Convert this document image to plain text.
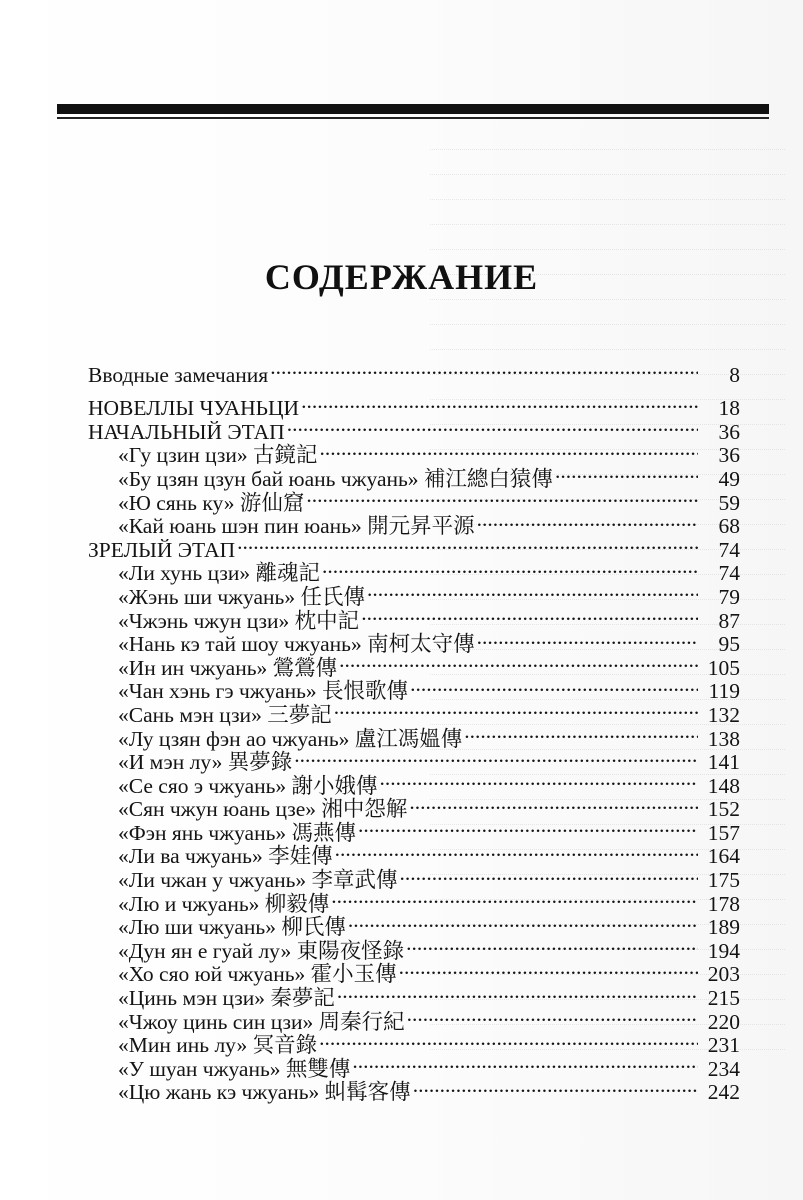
СОДЕРЖАНИЕ
Вводные замечания .....	8
НОВЕЛЛЫ ЧУАНЬЦИ .....	18
НАЧАЛЬНЫЙ ЭТАП .....	36
«Гу цзин цзи» 古鏡記 .....	36
«Бу цзян цзун бай юань чжуань» 補江總白猿傳 .....	49
«Ю сянь ку» 游仙窟 .....	59
«Кай юань шэн пин юань» 開元昇平源 .....	68
ЗРЕЛЫЙ ЭТАП .....	74
«Ли хунь цзи» 離魂記 .....	74
«Жэнь ши чжуань» 任氏傳 .....	79
«Чжэнь чжун цзи» 枕中記 .....	87
«Нань кэ тай шоу чжуань» 南柯太守傳 .....	95
«Ин ин чжуань» 鶯鶯傳 .....	105
«Чан хэнь гэ чжуань» 長恨歌傳 .....	119
«Сань мэн цзи» 三夢記 .....	132
«Лу цзян фэн ао чжуань» 盧江馮媼傳 .....	138
«И мэн лу» 異夢錄 .....	141
«Се сяо э чжуань» 謝小娥傳 .....	148
«Сян чжун юань цзе» 湘中怨解 .....	152
«Фэн янь чжуань» 馮燕傳 .....	157
«Ли ва чжуань» 李娃傳 .....	164
«Ли чжан у чжуань» 李章武傳 .....	175
«Лю и чжуань» 柳毅傳 .....	178
«Лю ши чжуань» 柳氏傳 .....	189
«Дун ян е гуай лу» 東陽夜怪錄 .....	194
«Хо сяо юй чжуань» 霍小玉傳 .....	203
«Цинь мэн цзи» 秦夢記 .....	215
«Чжоу цинь син цзи» 周秦行紀 .....	220
«Мин инь лу» 冥音錄 .....	231
«У шуан чжуань» 無雙傳 .....	234
«Цю жань кэ чжуань» 虯髯客傳 .....	242
